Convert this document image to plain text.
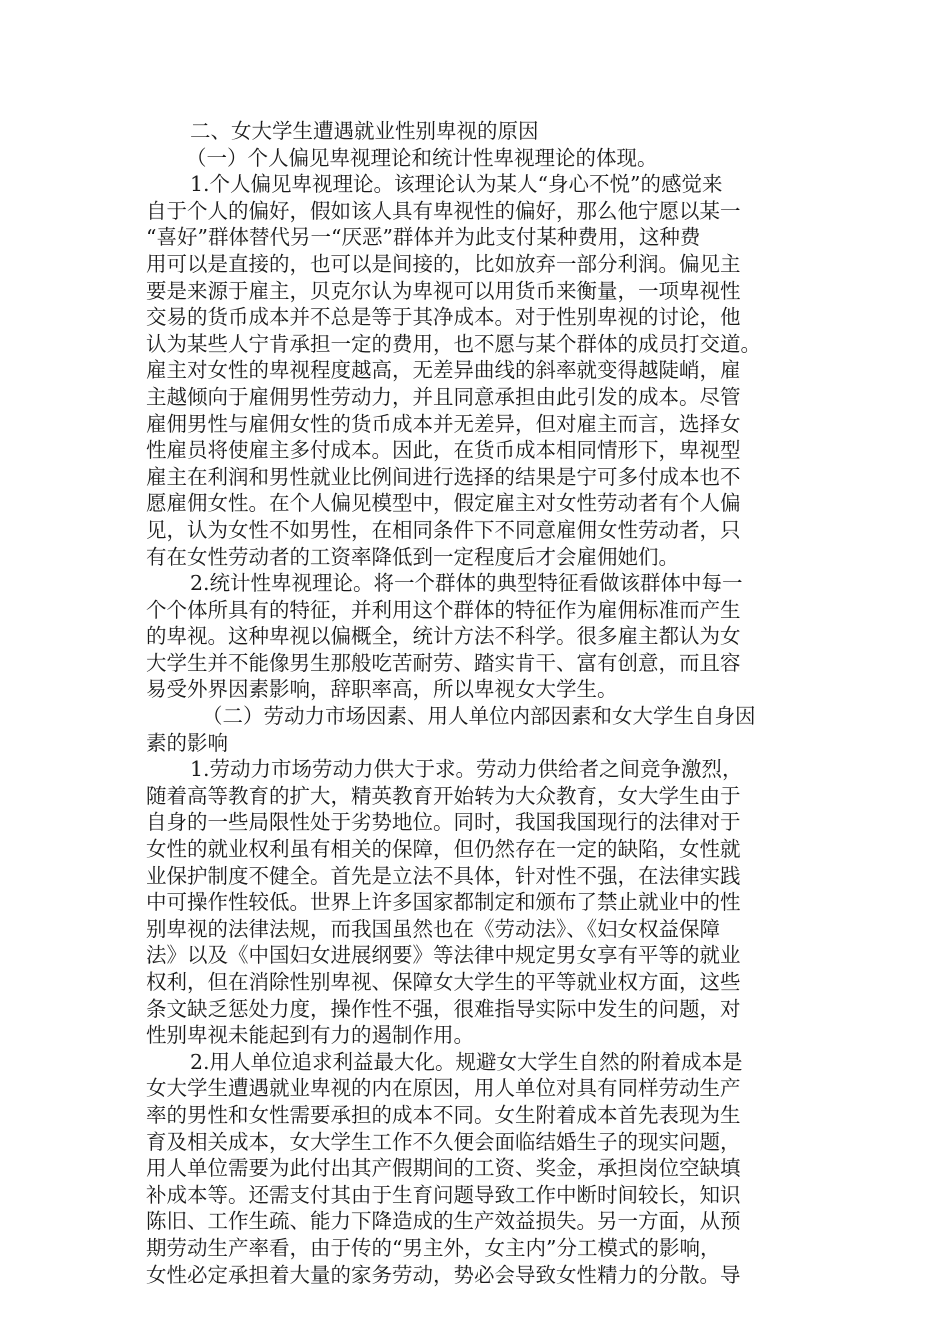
二、女大学生遭遇就业性别卑视的原因
（一）个人偏见卑视理论和统计性卑视理论的体现。
1.个人偏见卑视理论。该理论认为某人“身心不悦”的感觉来
自于个人的偏好，假如该人具有卑视性的偏好，那么他宁愿以某一
“喜好”群体替代另一“厌恶”群体并为此支付某种费用，这种费
用可以是直接的，也可以是间接的，比如放弃一部分利润。偏见主
要是来源于雇主，贝克尔认为卑视可以用货币来衡量，一项卑视性
交易的货币成本并不总是等于其净成本。对于性别卑视的讨论，他
认为某些人宁肯承担一定的费用，也不愿与某个群体的成员打交道。
雇主对女性的卑视程度越高，无差异曲线的斜率就变得越陡峭，雇
主越倾向于雇佣男性劳动力，并且同意承担由此引发的成本。尽管
雇佣男性与雇佣女性的货币成本并无差异，但对雇主而言，选择女
性雇员将使雇主多付成本。因此，在货币成本相同情形下，卑视型
雇主在利润和男性就业比例间进行选择的结果是宁可多付成本也不
愿雇佣女性。在个人偏见模型中，假定雇主对女性劳动者有个人偏
见，认为女性不如男性，在相同条件下不同意雇佣女性劳动者，只
有在女性劳动者的工资率降低到一定程度后才会雇佣她们。
2.统计性卑视理论。将一个群体的典型特征看做该群体中每一
个个体所具有的特征，并利用这个群体的特征作为雇佣标准而产生
的卑视。这种卑视以偏概全，统计方法不科学。很多雇主都认为女
大学生并不能像男生那般吃苦耐劳、踏实肯干、富有创意，而且容
易受外界因素影响，辞职率高，所以卑视女大学生。
（二）劳动力市场因素、用人单位内部因素和女大学生自身因
素的影响
1.劳动力市场劳动力供大于求。劳动力供给者之间竞争激烈，
随着高等教育的扩大，精英教育开始转为大众教育，女大学生由于
自身的一些局限性处于劣势地位。同时，我国我国现行的法律对于
女性的就业权利虽有相关的保障，但仍然存在一定的缺陷，女性就
业保护制度不健全。首先是立法不具体，针对性不强，在法律实践
中可操作性较低。世界上许多国家都制定和颁布了禁止就业中的性
别卑视的法律法规，而我国虽然也在《劳动法》、《妇女权益保障
法》以及《中国妇女进展纲要》等法律中规定男女享有平等的就业
权利，但在消除性别卑视、保障女大学生的平等就业权方面，这些
条文缺乏惩处力度，操作性不强，很难指导实际中发生的问题，对
性别卑视未能起到有力的遏制作用。
2.用人单位追求利益最大化。规避女大学生自然的附着成本是
女大学生遭遇就业卑视的内在原因，用人单位对具有同样劳动生产
率的男性和女性需要承担的成本不同。女生附着成本首先表现为生
育及相关成本，女大学生工作不久便会面临结婚生子的现实问题，
用人单位需要为此付出其产假期间的工资、奖金，承担岗位空缺填
补成本等。还需支付其由于生育问题导致工作中断时间较长，知识
陈旧、工作生疏、能力下降造成的生产效益损失。另一方面，从预
期劳动生产率看，由于传的“男主外，女主内”分工模式的影响，
女性必定承担着大量的家务劳动，势必会导致女性精力的分散。导
